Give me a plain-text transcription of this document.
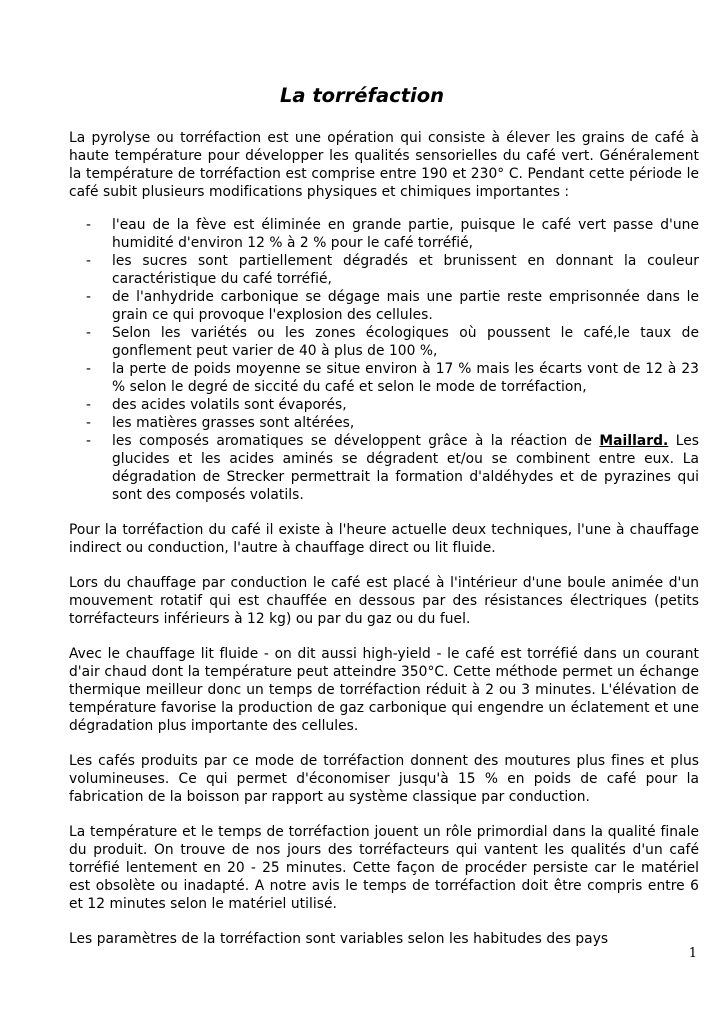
La torréfaction

La pyrolyse ou torréfaction est une opération qui consiste à élever les grains de café à haute température pour développer les qualités sensorielles du café vert. Généralement la température de torréfaction est comprise entre 190 et 230° C. Pendant cette période le café subit plusieurs modifications physiques et chimiques importantes :

- l'eau de la fève est éliminée en grande partie, puisque le café vert passe d'une humidité d'environ 12 % à 2 % pour le café torréfié,
- les sucres sont partiellement dégradés et brunissent en donnant la couleur caractéristique du café torréfié,
- de l'anhydride carbonique se dégage mais une partie reste emprisonnée dans le grain ce qui provoque l'explosion des cellules.
- Selon les variétés ou les zones écologiques où poussent le café,le taux de gonflement peut varier de 40 à plus de 100 %,
- la perte de poids moyenne se situe environ à 17 % mais les écarts vont de 12 à 23 % selon le degré de siccité du café et selon le mode de torréfaction,
- des acides volatils sont évaporés,
- les matières grasses sont altérées,
- les composés aromatiques se développent grâce à la réaction de Maillard. Les glucides et les acides aminés se dégradent et/ou se combinent entre eux. La dégradation de Strecker permettrait la formation d'aldéhydes et de pyrazines qui sont des composés volatils.

Pour la torréfaction du café il existe à l'heure actuelle deux techniques, l'une à chauffage indirect ou conduction, l'autre à chauffage direct ou lit fluide.

Lors du chauffage par conduction le café est placé à l'intérieur d'une boule animée d'un mouvement rotatif qui est chauffée en dessous par des résistances électriques (petits torréfacteurs inférieurs à 12 kg) ou par du gaz ou du fuel.

Avec le chauffage lit fluide - on dit aussi high-yield - le café est torréfié dans un courant d'air chaud dont la température peut atteindre 350°C. Cette méthode permet un échange thermique meilleur donc un temps de torréfaction réduit à 2 ou 3 minutes. L'élévation de température favorise la production de gaz carbonique qui engendre un éclatement et une dégradation plus importante des cellules.

Les cafés produits par ce mode de torréfaction donnent des moutures plus fines et plus volumineuses. Ce qui permet d'économiser jusqu'à 15 % en poids de café pour la fabrication de la boisson par rapport au système classique par conduction.

La température et le temps de torréfaction jouent un rôle primordial dans la qualité finale du produit. On trouve de nos jours des torréfacteurs qui vantent les qualités d'un café torréfié lentement en 20 - 25 minutes. Cette façon de procéder persiste car le matériel est obsolète ou inadapté. A notre avis le temps de torréfaction doit être compris entre 6 et 12 minutes selon le matériel utilisé.

Les paramètres de la torréfaction sont variables selon les habitudes des pays

1
